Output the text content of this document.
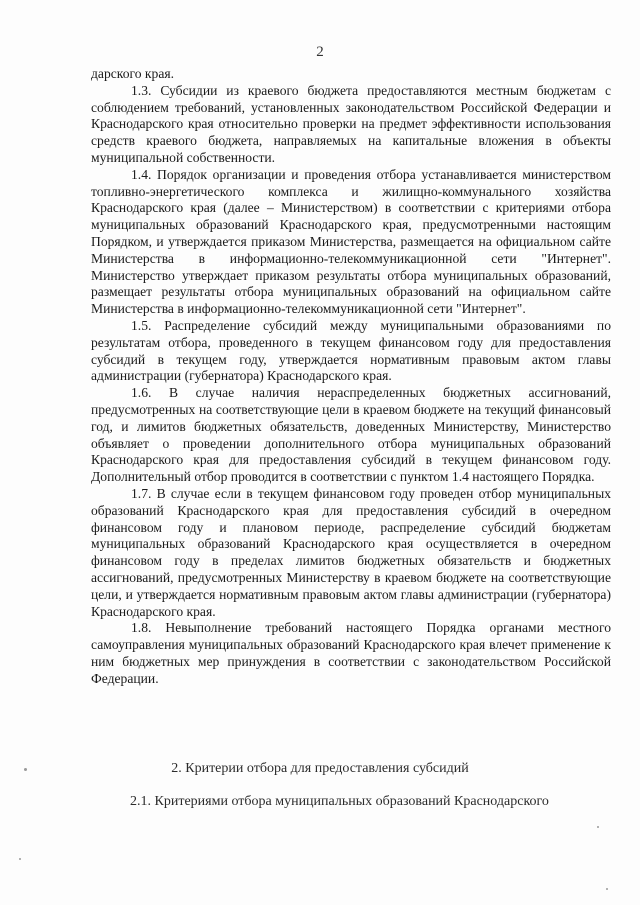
2

дарского края.

1.3. Субсидии из краевого бюджета предоставляются местным бюджетам с соблюдением требований, установленных законодательством Российской Федерации и Краснодарского края относительно проверки на предмет эффективности использования средств краевого бюджета, направляемых на капитальные вложения в объекты муниципальной собственности.

1.4. Порядок организации и проведения отбора устанавливается министерством топливно-энергетического комплекса и жилищно-коммунального хозяйства Краснодарского края (далее – Министерством) в соответствии с критериями отбора муниципальных образований Краснодарского края, предусмотренными настоящим Порядком, и утверждается приказом Министерства, размещается на официальном сайте Министерства в информационно-телекоммуникационной сети "Интернет". Министерство утверждает приказом результаты отбора муниципальных образований, размещает результаты отбора муниципальных образований на официальном сайте Министерства в информационно-телекоммуникационной сети "Интернет".

1.5. Распределение субсидий между муниципальными образованиями по результатам отбора, проведенного в текущем финансовом году для предоставления субсидий в текущем году, утверждается нормативным правовым актом главы администрации (губернатора) Краснодарского края.

1.6. В случае наличия нераспределенных бюджетных ассигнований, предусмотренных на соответствующие цели в краевом бюджете на текущий финансовый год, и лимитов бюджетных обязательств, доведенных Министерству, Министерство объявляет о проведении дополнительного отбора муниципальных образований Краснодарского края для предоставления субсидий в текущем финансовом году. Дополнительный отбор проводится в соответствии с пунктом 1.4 настоящего Порядка.

1.7. В случае если в текущем финансовом году проведен отбор муниципальных образований Краснодарского края для предоставления субсидий в очередном финансовом году и плановом периоде, распределение субсидий бюджетам муниципальных образований Краснодарского края осуществляется в очередном финансовом году в пределах лимитов бюджетных обязательств и бюджетных ассигнований, предусмотренных Министерству в краевом бюджете на соответствующие цели, и утверждается нормативным правовым актом главы администрации (губернатора) Краснодарского края.

1.8. Невыполнение требований настоящего Порядка органами местного самоуправления муниципальных образований Краснодарского края влечет применение к ним бюджетных мер принуждения в соответствии с законодательством Российской Федерации.

2. Критерии отбора для предоставления субсидий
2.1. Критериями отбора муниципальных образований Краснодарского
